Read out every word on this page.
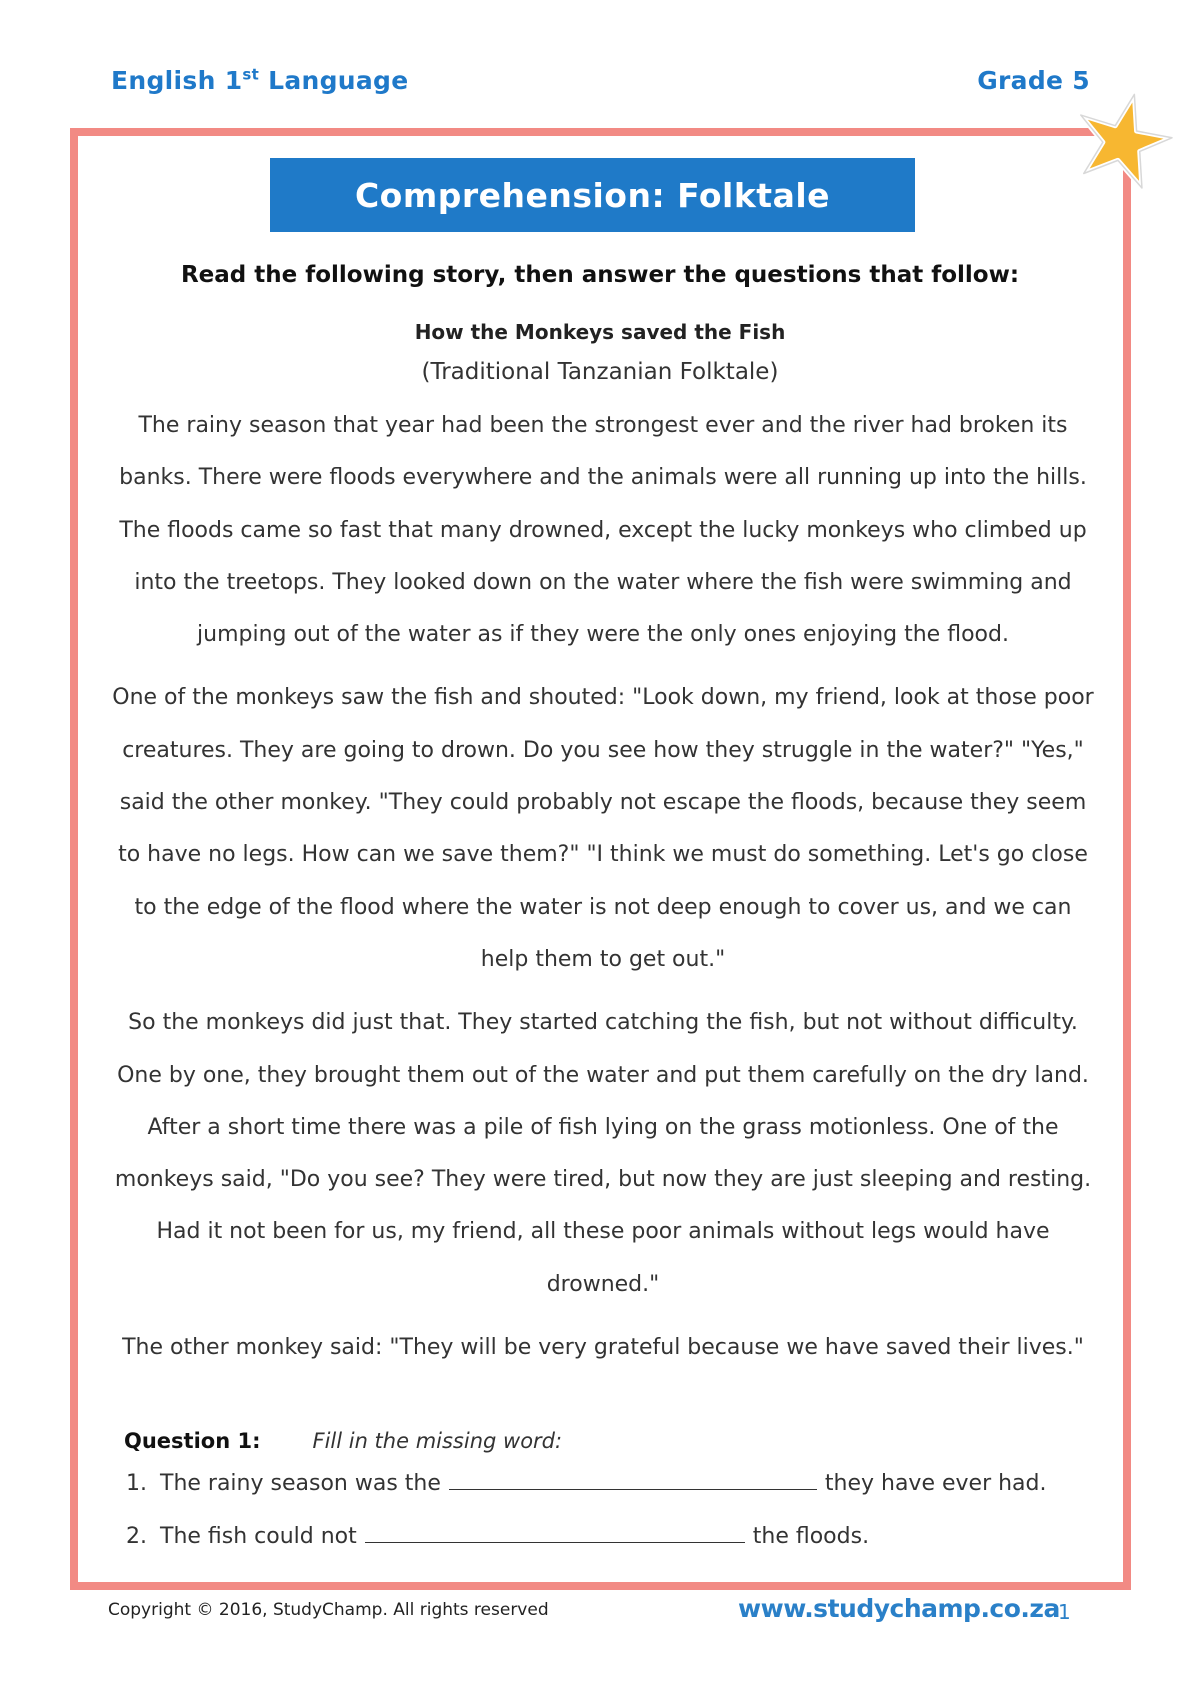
English 1st Language	Grade 5
Comprehension: Folktale
Read the following story, then answer the questions that follow:
How the Monkeys saved the Fish
(Traditional Tanzanian Folktale)

The rainy season that year had been the strongest ever and the river had broken its banks. There were floods everywhere and the animals were all running up into the hills. The floods came so fast that many drowned, except the lucky monkeys who climbed up into the treetops. They looked down on the water where the fish were swimming and jumping out of the water as if they were the only ones enjoying the flood.

One of the monkeys saw the fish and shouted: "Look down, my friend, look at those poor creatures. They are going to drown. Do you see how they struggle in the water?" "Yes," said the other monkey. "They could probably not escape the floods, because they seem to have no legs. How can we save them?" "I think we must do something. Let's go close to the edge of the flood where the water is not deep enough to cover us, and we can help them to get out."

So the monkeys did just that. They started catching the fish, but not without difficulty. One by one, they brought them out of the water and put them carefully on the dry land. After a short time there was a pile of fish lying on the grass motionless. One of the monkeys said, "Do you see? They were tired, but now they are just sleeping and resting. Had it not been for us, my friend, all these poor animals without legs would have drowned."

The other monkey said: "They will be very grateful because we have saved their lives."

Question 1: Fill in the missing word:
1. The rainy season was the	they have ever had.
2. The fish could not	the floods.
Copyright © 2016, StudyChamp. All rights reserved	www.studychamp.co.za
1
